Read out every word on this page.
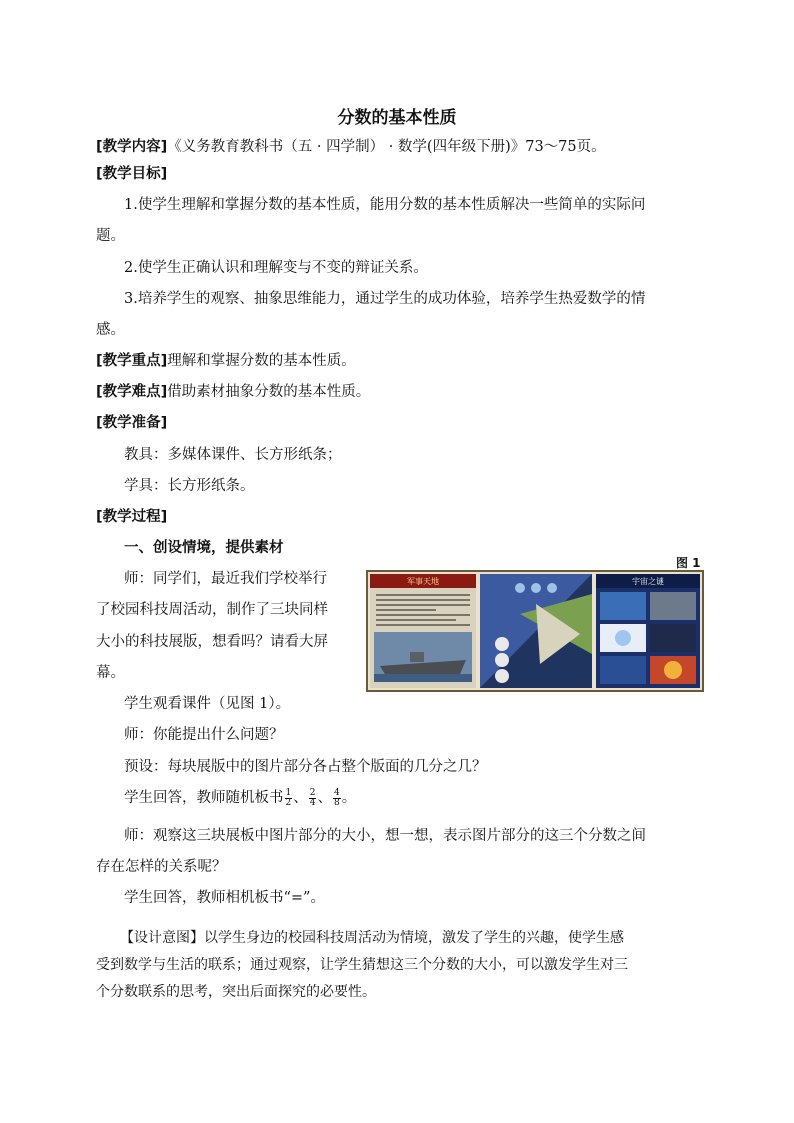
分数的基本性质
[教学内容]《义务教育教科书（五 · 四学制） · 数学(四年级下册)》73～75页。
[教学目标]
1.使学生理解和掌握分数的基本性质，能用分数的基本性质解决一些简单的实际问
题。
2.使学生正确认识和理解变与不变的辩证关系。
3.培养学生的观察、抽象思维能力，通过学生的成功体验，培养学生热爱数学的情
感。
[教学重点]理解和掌握分数的基本性质。
[教学难点]借助素材抽象分数的基本性质。
[教学准备]
教具：多媒体课件、长方形纸条；
学具：长方形纸条。
[教学过程]
一、创设情境，提供素材
师：同学们，最近我们学校举行
了校园科技周活动，制作了三块同样
大小的科技展版，想看吗？请看大屏
幕。
图 1
军事天地	宇宙之谜
学生观看课件（见图 1）。
师：你能提出什么问题？
预设：每块展版中的图片部分各占整个版面的几分之几？
学生回答，教师随机板书 $\frac{1}{2}$ 、 $\frac{2}{4}$ 、 $\frac{4}{8}$ 。
师：观察这三块展板中图片部分的大小，想一想，表示图片部分的这三个分数之间
存在怎样的关系呢？
学生回答，教师相机板书“=”。
【设计意图】以学生身边的校园科技周活动为情境，激发了学生的兴趣，使学生感
受到数学与生活的联系；通过观察，让学生猜想这三个分数的大小，可以激发学生对三
个分数联系的思考，突出后面探究的必要性。
